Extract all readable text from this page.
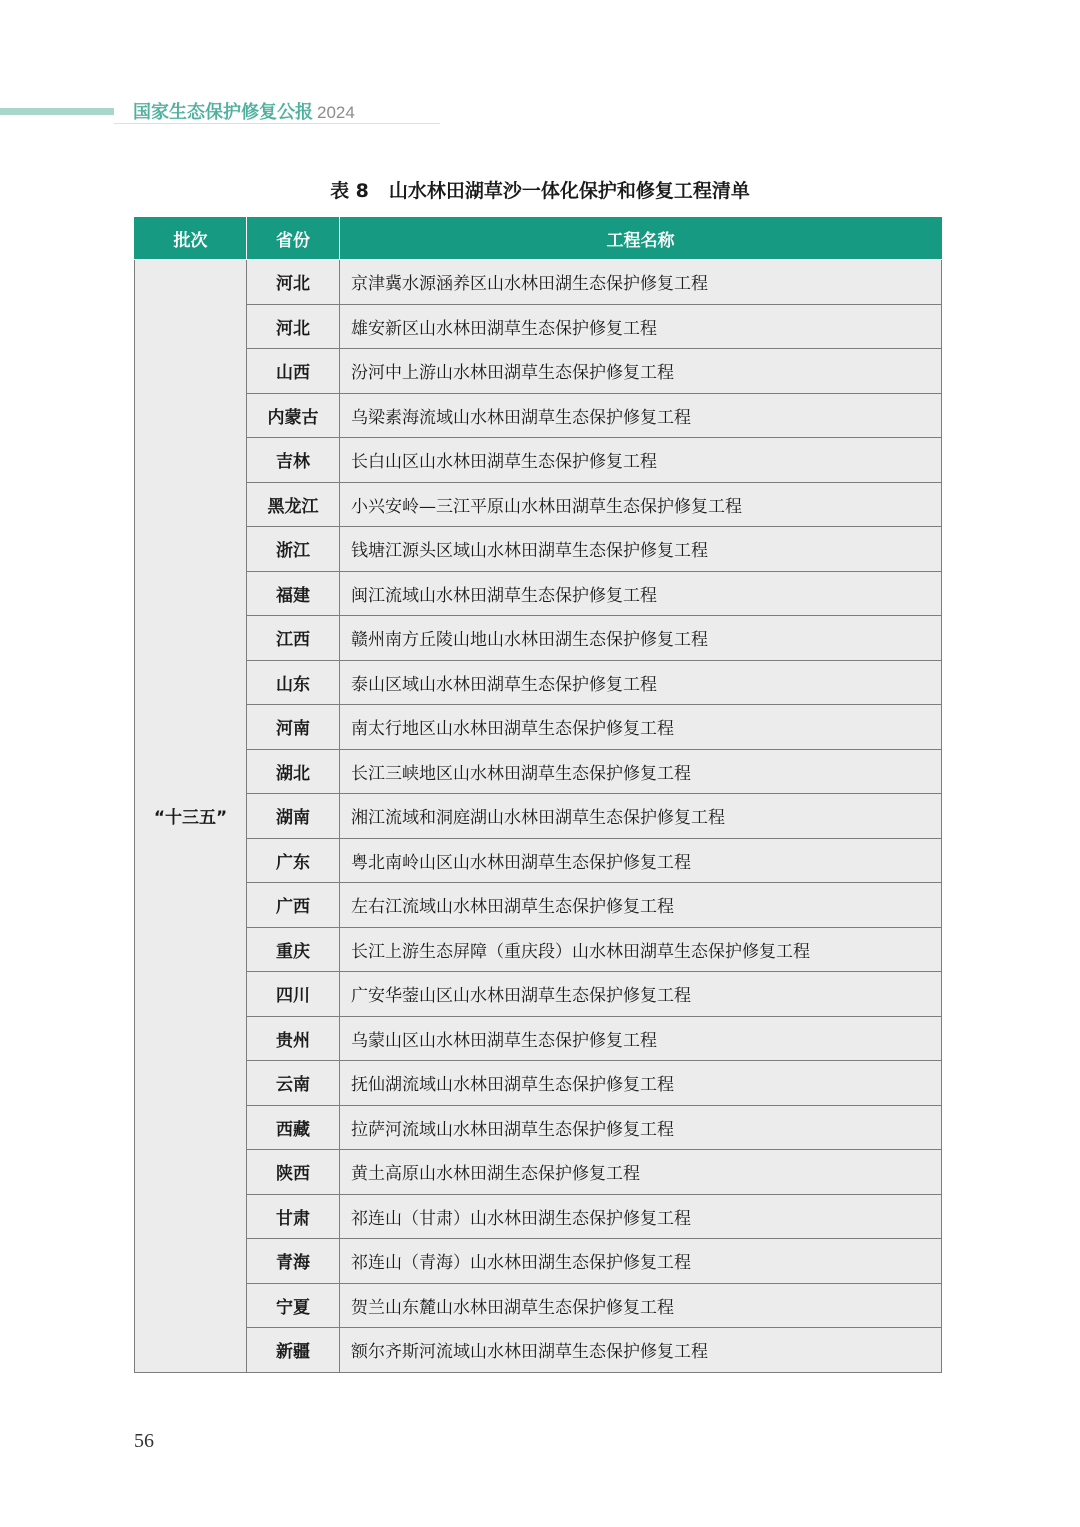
国家生态保护修复公报 2024
表 8 山水林田湖草沙一体化保护和修复工程清单
批次	省份	工程名称
“十三五”	河北	京津冀水源涵养区山水林田湖生态保护修复工程
	河北	雄安新区山水林田湖草生态保护修复工程
	山西	汾河中上游山水林田湖草生态保护修复工程
	内蒙古	乌梁素海流域山水林田湖草生态保护修复工程
	吉林	长白山区山水林田湖草生态保护修复工程
	黑龙江	小兴安岭—三江平原山水林田湖草生态保护修复工程
	浙江	钱塘江源头区域山水林田湖草生态保护修复工程
	福建	闽江流域山水林田湖草生态保护修复工程
	江西	赣州南方丘陵山地山水林田湖生态保护修复工程
	山东	泰山区域山水林田湖草生态保护修复工程
	河南	南太行地区山水林田湖草生态保护修复工程
	湖北	长江三峡地区山水林田湖草生态保护修复工程
	湖南	湘江流域和洞庭湖山水林田湖草生态保护修复工程
	广东	粤北南岭山区山水林田湖草生态保护修复工程
	广西	左右江流域山水林田湖草生态保护修复工程
	重庆	长江上游生态屏障（重庆段）山水林田湖草生态保护修复工程
	四川	广安华蓥山区山水林田湖草生态保护修复工程
	贵州	乌蒙山区山水林田湖草生态保护修复工程
	云南	抚仙湖流域山水林田湖草生态保护修复工程
	西藏	拉萨河流域山水林田湖草生态保护修复工程
	陕西	黄土高原山水林田湖生态保护修复工程
	甘肃	祁连山（甘肃）山水林田湖生态保护修复工程
	青海	祁连山（青海）山水林田湖生态保护修复工程
	宁夏	贺兰山东麓山水林田湖草生态保护修复工程
	新疆	额尔齐斯河流域山水林田湖草生态保护修复工程
56
